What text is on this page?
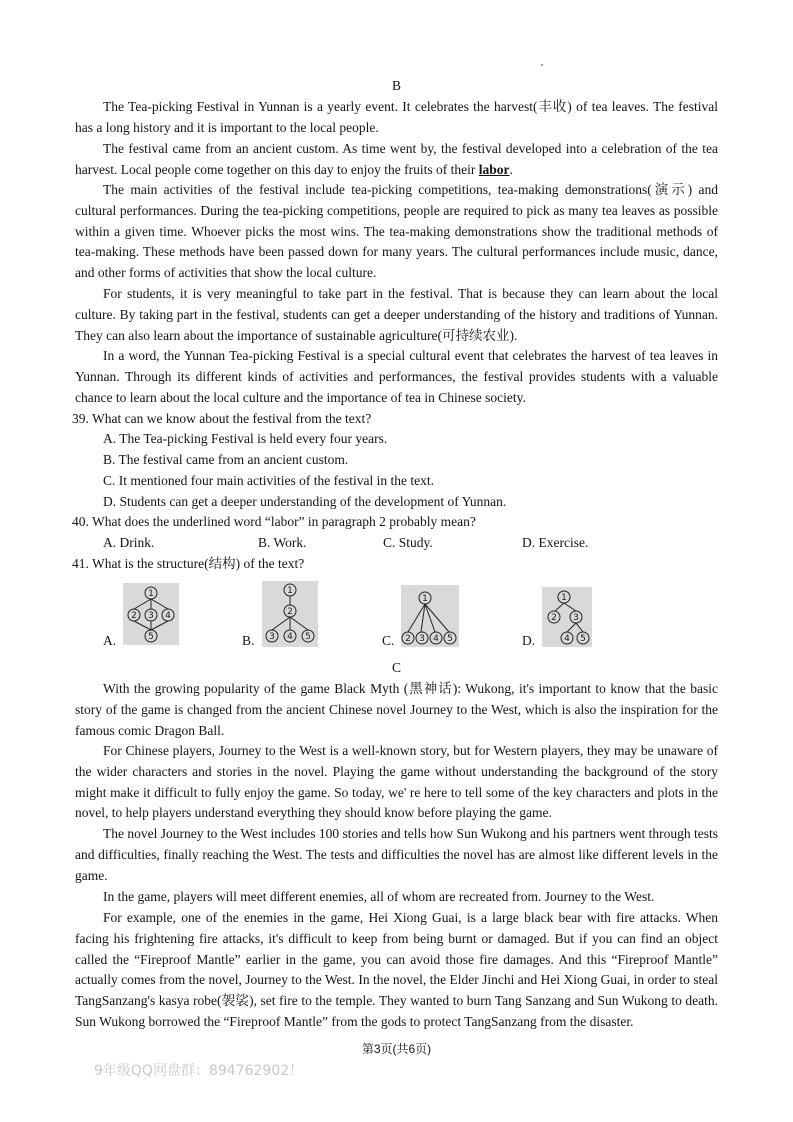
B

The Tea-picking Festival in Yunnan is a yearly event. It celebrates the harvest(丰收) of tea leaves. The festival has a long history and it is important to the local people.

The festival came from an ancient custom. As time went by, the festival developed into a celebration of the tea harvest. Local people come together on this day to enjoy the fruits of their labor.

The main activities of the festival include tea-picking competitions, tea-making demonstrations(演示) and cultural performances. During the tea-picking competitions, people are required to pick as many tea leaves as possible within a given time. Whoever picks the most wins. The tea-making demonstrations show the traditional methods of tea-making. These methods have been passed down for many years. The cultural performances include music, dance, and other forms of activities that show the local culture.

For students, it is very meaningful to take part in the festival. That is because they can learn about the local culture. By taking part in the festival, students can get a deeper understanding of the history and traditions of Yunnan. They can also learn about the importance of sustainable agriculture(可持续农业).

In a word, the Yunnan Tea-picking Festival is a special cultural event that celebrates the harvest of tea leaves in Yunnan. Through its different kinds of activities and performances, the festival provides students with a valuable chance to learn about the local culture and the importance of tea in Chinese society.

39. What can we know about the festival from the text?
A. The Tea-picking Festival is held every four years.
B. The festival came from an ancient custom.
C. It mentioned four main activities of the festival in the text.
D. Students can get a deeper understanding of the development of Yunnan.
40. What does the underlined word “labor” in paragraph 2 probably mean?
A. Drink.	B. Work.	C. Study.	D. Exercise.
41. What is the structure(结构) of the text?
A.
1
2 3 4
5	B.
1
2
3 4 5	C.
1
2 3 4 5	D.
1
2 3
4 5
C

With the growing popularity of the game Black Myth (黑神话): Wukong, it's important to know that the basic story of the game is changed from the ancient Chinese novel Journey to the West, which is also the inspiration for the famous comic Dragon Ball.

For Chinese players, Journey to the West is a well-known story, but for Western players, they may be unaware of the wider characters and stories in the novel. Playing the game without understanding the background of the story might make it difficult to fully enjoy the game. So today, we' re here to tell some of the key characters and plots in the novel, to help players understand everything they should know before playing the game.

The novel Journey to the West includes 100 stories and tells how Sun Wukong and his partners went through tests and difficulties, finally reaching the West. The tests and difficulties the novel has are almost like different levels in the game.

In the game, players will meet different enemies, all of whom are recreated from. Journey to the West.

For example, one of the enemies in the game, Hei Xiong Guai, is a large black bear with fire attacks. When facing his frightening fire attacks, it's difficult to keep from being burnt or damaged. But if you can find an object called the “Fireproof Mantle” earlier in the game, you can avoid those fire damages. And this “Fireproof Mantle” actually comes from the novel, Journey to the West. In the novel, the Elder Jinchi and Hei Xiong Guai, in order to steal TangSanzang's kasya robe(袈裟), set fire to the temple. They wanted to burn Tang Sanzang and Sun Wukong to death. Sun Wukong borrowed the “Fireproof Mantle” from the gods to protect TangSanzang from the disaster.

第3页(共6页)
9年级QQ网盘群：894762902！
